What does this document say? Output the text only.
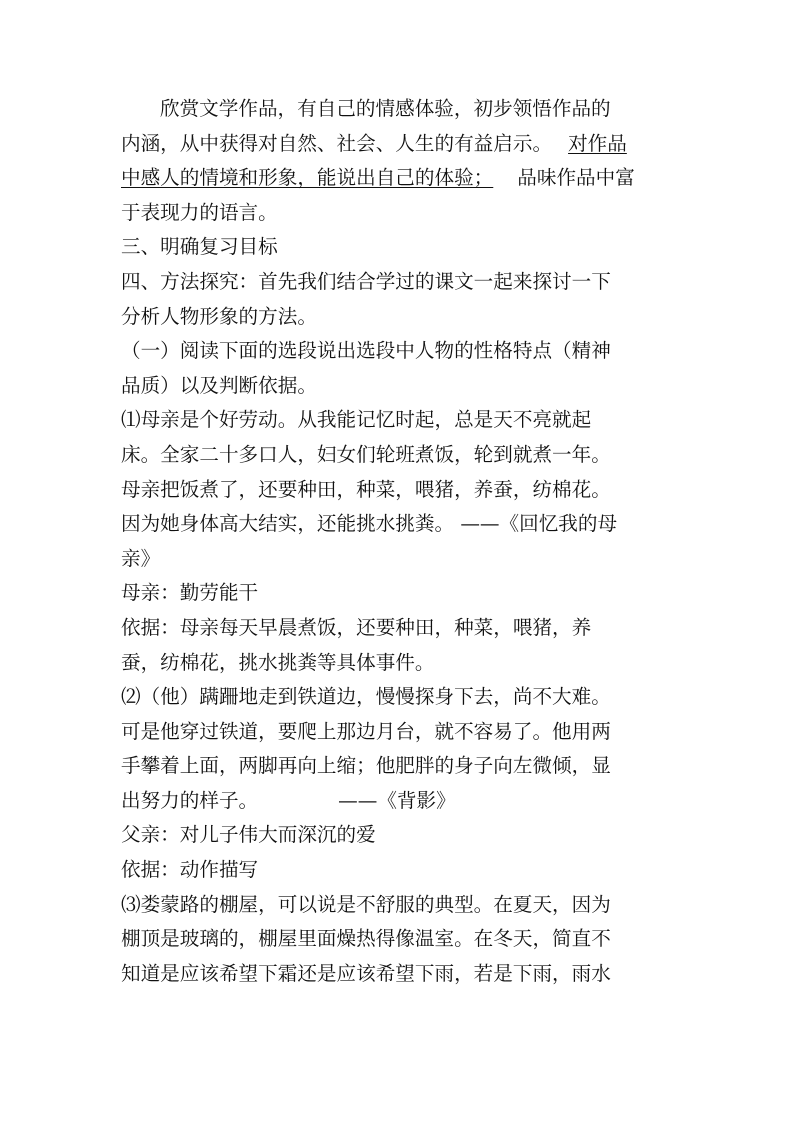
欣赏文学作品，有自己的情感体验，初步领悟作品的
内涵，从中获得对自然、社会、人生的有益启示。 对作品
中感人的情境和形象，能说出自己的体验； 品味作品中富
于表现力的语言。
三、明确复习目标
四、方法探究：首先我们结合学过的课文一起来探讨一下
分析人物形象的方法。
（一）阅读下面的选段说出选段中人物的性格特点（精神
品质）以及判断依据。
⑴母亲是个好劳动。从我能记忆时起，总是天不亮就起
床。全家二十多口人，妇女们轮班煮饭，轮到就煮一年。
母亲把饭煮了，还要种田，种菜，喂猪，养蚕，纺棉花。
因为她身体高大结实，还能挑水挑粪。 ——《回忆我的母
亲》
母亲：勤劳能干
依据：母亲每天早晨煮饭，还要种田，种菜，喂猪，养
蚕，纺棉花，挑水挑粪等具体事件。
⑵（他）蹒跚地走到铁道边，慢慢探身下去，尚不大难。
可是他穿过铁道，要爬上那边月台，就不容易了。他用两
手攀着上面，两脚再向上缩；他肥胖的身子向左微倾，显
出努力的样子。	——《背影》
父亲：对儿子伟大而深沉的爱
依据：动作描写
⑶娄蒙路的棚屋，可以说是不舒服的典型。在夏天，因为
棚顶是玻璃的，棚屋里面燥热得像温室。在冬天，简直不
知道是应该希望下霜还是应该希望下雨，若是下雨，雨水
